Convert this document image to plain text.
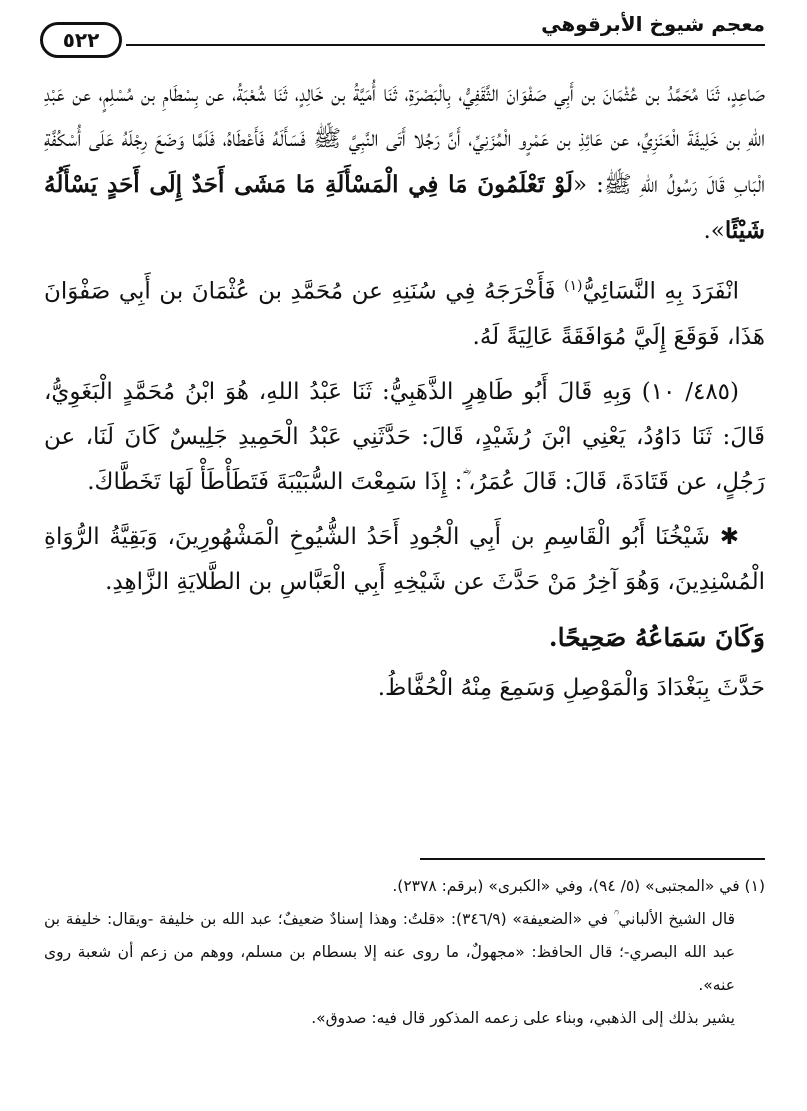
معجم شيوخ الأبرقوهي
٥٢٢

صَاعِدٍ، ثَنَا مُحَمَّدُ بن عُثْمَانَ بن أَبِي صَفْوَانَ الثَّقَفِيُّ، بِالْبَصْرَةِ، ثَنَا أُمَيَّةُ بن خَالِدٍ، ثَنَا شُعْبَةُ، عن بِسْطَامِ بن مُسْلِمٍ، عن عَبْدِ اللهِ بن خَلِيفَةَ الْعَنَزِيِّ، عن عَائِذِ بن عَمْرٍو الْمُزَنِيِّ، أَنَّ رَجُلا أَتَى النَّبِيَّ ﷺ فَسَأَلَهُ فَأَعْطَاهُ، فَلَمَّا وَضَعَ رِجْلَهُ عَلَى أُسْكُفَّةِ الْبَابِ قَالَ رَسُولُ اللهِ ﷺ: «لَوْ تَعْلَمُونَ مَا فِي الْمَسْأَلَةِ مَا مَشَى أَحَدٌ إِلَى أَحَدٍ يَسْأَلُهُ شَيْئًا».

انْفَرَدَ بِهِ النَّسَائِيُّ$^{(١)}$ فَأَخْرَجَهُ فِي سُنَنِهِ عن مُحَمَّدِ بن عُثْمَانَ بن أَبِي صَفْوَانَ هَذَا، فَوَقَعَ إِلَيَّ مُوَافَقَةً عَالِيَةً لَهُ.

(٤٨٥/ ١٠) وَبِهِ قَالَ أَبُو طَاهِرٍ الذَّهَبِيُّ: ثَنَا عَبْدُ اللهِ، هُوَ ابْنُ مُحَمَّدٍ الْبَغَوِيُّ، قَالَ: ثَنَا دَاوُدُ، يَعْنِي ابْنَ رُشَيْدٍ، قَالَ: حَدَّثَنِي عَبْدُ الْحَمِيدِ جَلِيسٌ كَانَ لَنَا، عن رَجُلٍ، عن قَتَادَةَ، قَالَ: قَالَ عُمَرُ، ؓ: إِذَا سَمِعْتَ السُّبَيْبَةَ فَتَطَأْطَأْ لَهَا تَخَطَّاكَ.

✱ شَيْخُنَا أَبُو الْقَاسِمِ بن أَبِي الْجُودِ أَحَدُ الشُّيُوخِ الْمَشْهُورِينَ، وَبَقِيَّةُ الرُّوَاةِ الْمُسْنِدِينَ، وَهُوَ آخِرُ مَنْ حَدَّثَ عن شَيْخِهِ أَبِي الْعَبَّاسِ بن الطَّلايَةِ الزَّاهِدِ.

وَكَانَ سَمَاعُهُ صَحِيحًا.

حَدَّثَ بِبَغْدَادَ وَالْمَوْصِلِ وَسَمِعَ مِنْهُ الْحُفَّاظُ.

(١) في «المجتبى» (٥/ ٩٤)، وفي «الكبرى» (برقم: ٢٣٧٨).

قال الشيخ الألباني ؒ في «الضعيفة» (٣٤٦/٩): «قلتُ: وهذا إسنادٌ ضعيفٌ؛ عبد الله بن خليفة -ويقال: خليفة بن عبد الله البصري-؛ قال الحافظ: «مجهولٌ، ما روى عنه إلا بسطام بن مسلم، ووهم من زعم أن شعبة روى عنه».

يشير بذلك إلى الذهبي، وبناء على زعمه المذكور قال فيه: صدوق».
